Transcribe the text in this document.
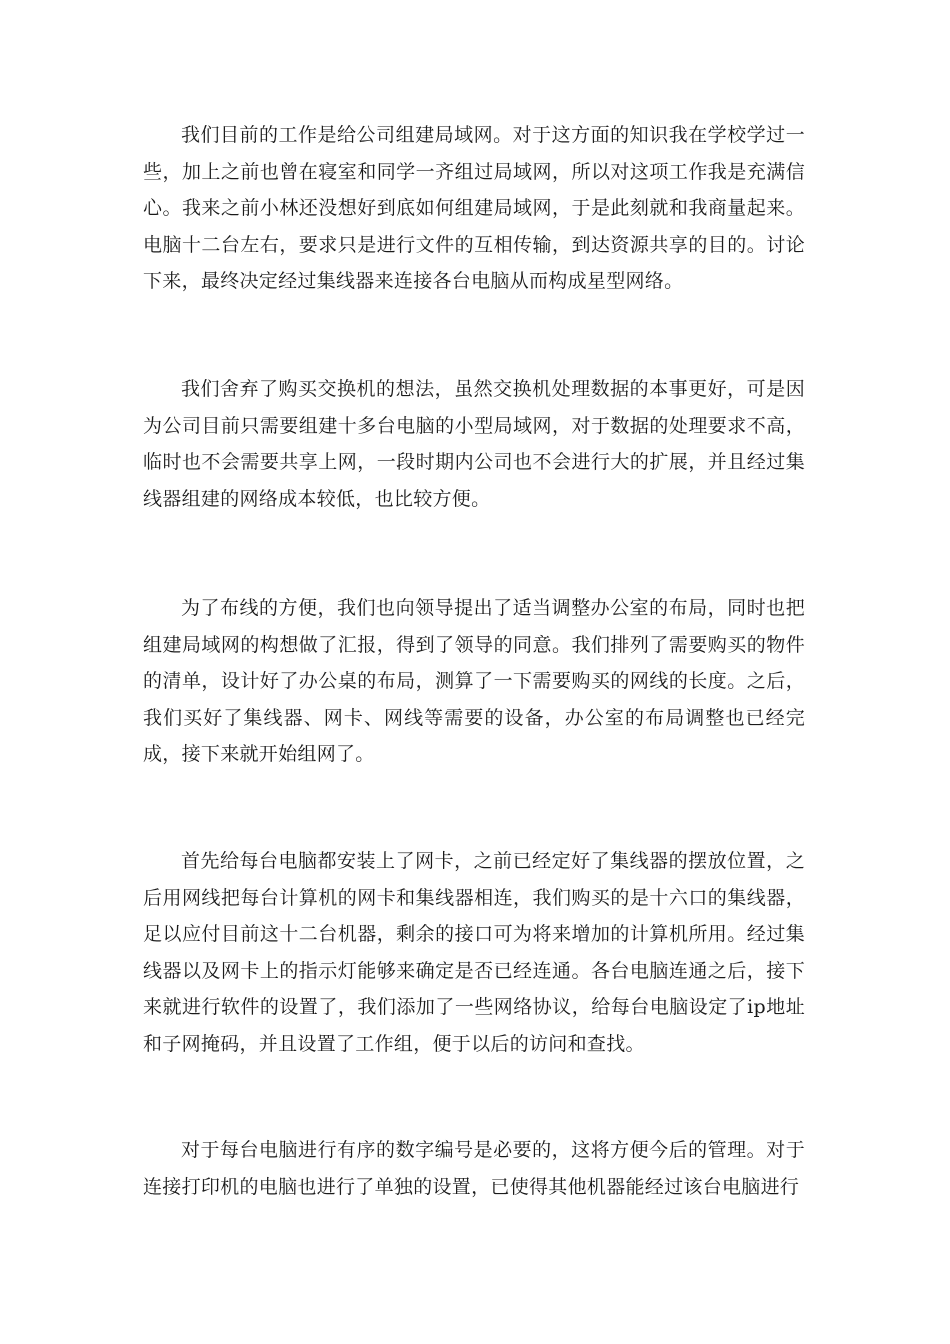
我们目前的工作是给公司组建局域网。对于这方面的知识我在学校学过一些，加上之前也曾在寝室和同学一齐组过局域网，所以对这项工作我是充满信心。我来之前小林还没想好到底如何组建局域网，于是此刻就和我商量起来。电脑十二台左右，要求只是进行文件的互相传输，到达资源共享的目的。讨论下来，最终决定经过集线器来连接各台电脑从而构成星型网络。

我们舍弃了购买交换机的想法，虽然交换机处理数据的本事更好，可是因为公司目前只需要组建十多台电脑的小型局域网，对于数据的处理要求不高，临时也不会需要共享上网，一段时期内公司也不会进行大的扩展，并且经过集线器组建的网络成本较低，也比较方便。

为了布线的方便，我们也向领导提出了适当调整办公室的布局，同时也把组建局域网的构想做了汇报，得到了领导的同意。我们排列了需要购买的物件的清单，设计好了办公桌的布局，测算了一下需要购买的网线的长度。之后，我们买好了集线器、网卡、网线等需要的设备，办公室的布局调整也已经完成，接下来就开始组网了。

首先给每台电脑都安装上了网卡，之前已经定好了集线器的摆放位置，之后用网线把每台计算机的网卡和集线器相连，我们购买的是十六口的集线器，足以应付目前这十二台机器，剩余的接口可为将来增加的计算机所用。经过集线器以及网卡上的指示灯能够来确定是否已经连通。各台电脑连通之后，接下来就进行软件的设置了，我们添加了一些网络协议，给每台电脑设定了ip地址和子网掩码，并且设置了工作组，便于以后的访问和查找。

对于每台电脑进行有序的数字编号是必要的，这将方便今后的管理。对于连接打印机的电脑也进行了单独的设置，已使得其他机器能经过该台电脑进行
